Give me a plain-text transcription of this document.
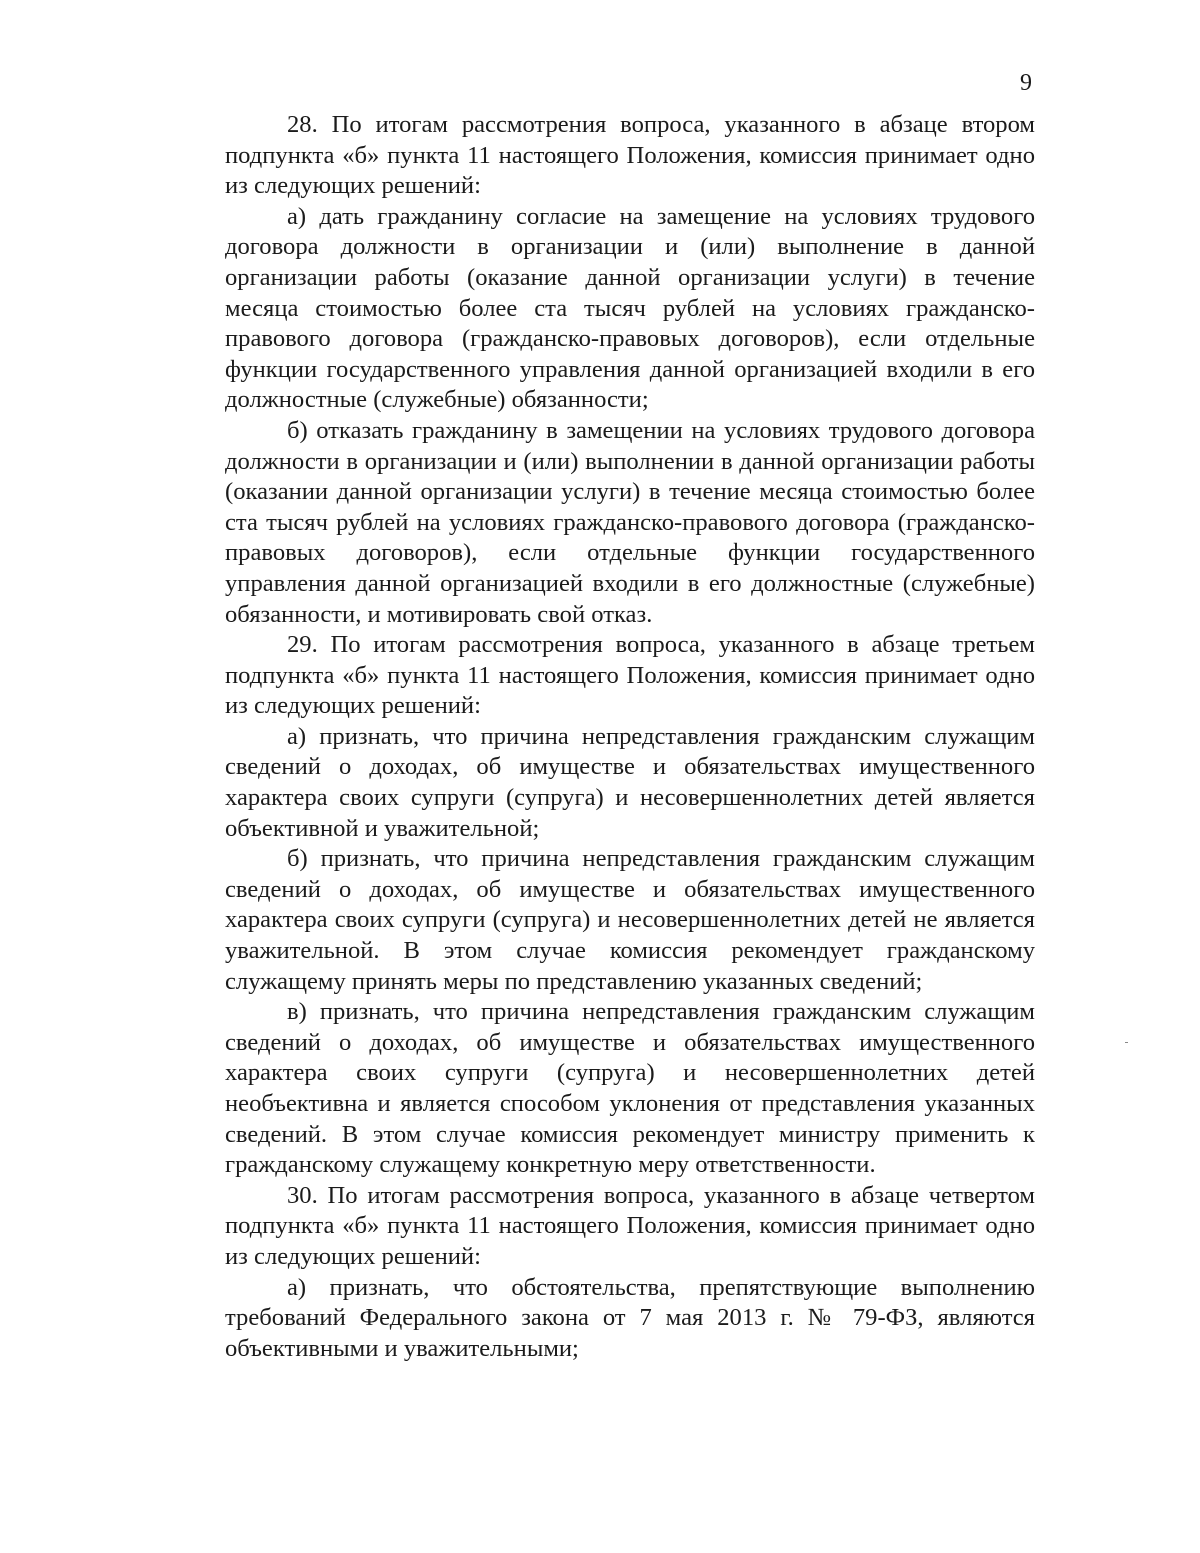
9

28. По итогам рассмотрения вопроса, указанного в абзаце втором подпункта «б» пункта 11 настоящего Положения, комиссия принимает одно из следующих решений:

а) дать гражданину согласие на замещение на условиях трудового договора должности в организации и (или) выполнение в данной организации работы (оказание данной организации услуги) в течение месяца стоимостью более ста тысяч рублей на условиях гражданско-правового договора (гражданско-правовых договоров), если отдельные функции государственного управления данной организацией входили в его должностные (служебные) обязанности;

б) отказать гражданину в замещении на условиях трудового договора должности в организации и (или) выполнении в данной организации работы (оказании данной организации услуги) в течение месяца стоимостью более ста тысяч рублей на условиях гражданско-правового договора (гражданско-правовых договоров), если отдельные функции государственного управления данной организацией входили в его должностные (служебные) обязанности, и мотивировать свой отказ.

29. По итогам рассмотрения вопроса, указанного в абзаце третьем подпункта «б» пункта 11 настоящего Положения, комиссия принимает одно из следующих решений:

а) признать, что причина непредставления гражданским служащим сведений о доходах, об имуществе и обязательствах имущественного характера своих супруги (супруга) и несовершеннолетних детей является объективной и уважительной;

б) признать, что причина непредставления гражданским служащим сведений о доходах, об имуществе и обязательствах имущественного характера своих супруги (супруга) и несовершеннолетних детей не является уважительной. В этом случае комиссия рекомендует гражданскому служащему принять меры по представлению указанных сведений;

в) признать, что причина непредставления гражданским служащим сведений о доходах, об имуществе и обязательствах имущественного характера своих супруги (супруга) и несовершеннолетних детей необъективна и является способом уклонения от представления указанных сведений. В этом случае комиссия рекомендует министру применить к гражданскому служащему конкретную меру ответственности.

30. По итогам рассмотрения вопроса, указанного в абзаце четвертом подпункта «б» пункта 11 настоящего Положения, комиссия принимает одно из следующих решений:

а) признать, что обстоятельства, препятствующие выполнению требований Федерального закона от 7 мая 2013 г. № 79-ФЗ, являются объективными и уважительными;
